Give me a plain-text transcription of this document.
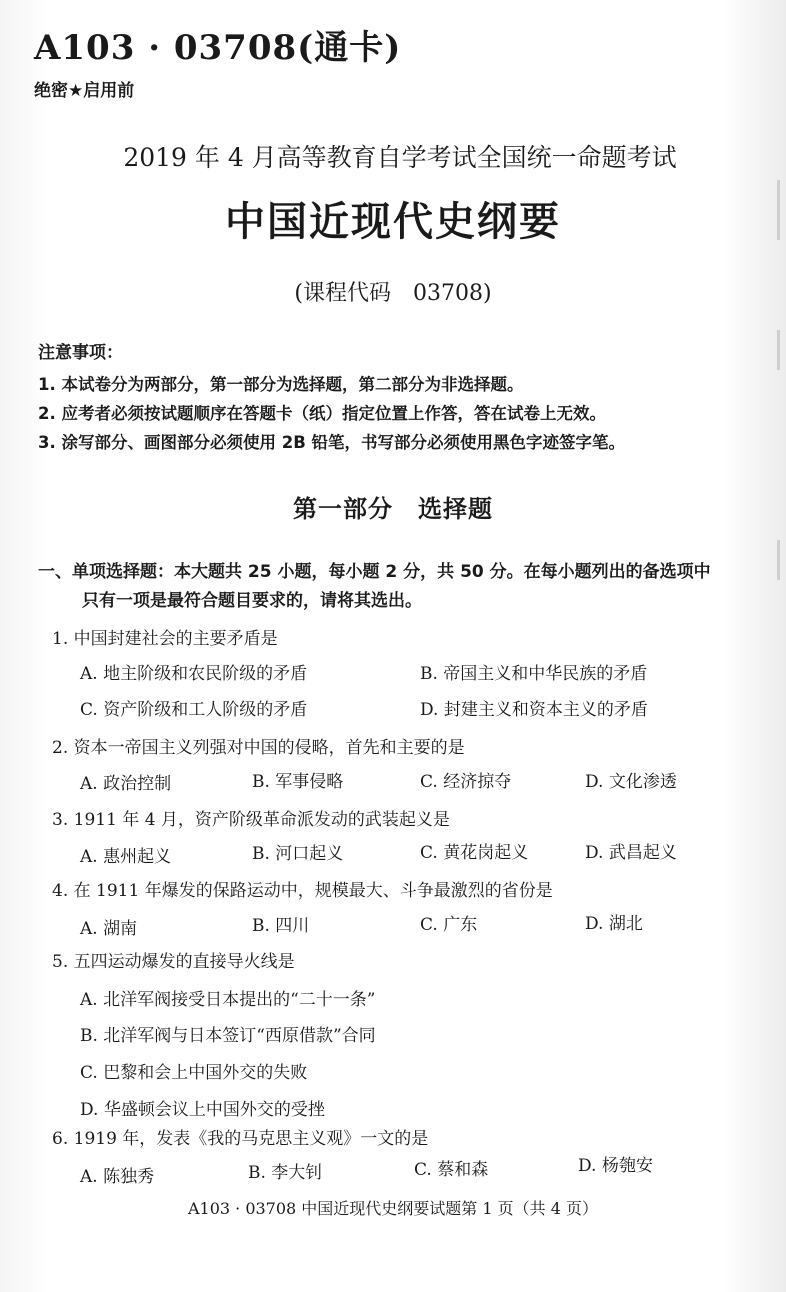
A103 · 03708(通卡)
绝密★启用前
2019 年 4 月高等教育自学考试全国统一命题考试
中国近现代史纲要
(课程代码　03708)
注意事项：
1. 本试卷分为两部分，第一部分为选择题，第二部分为非选择题。
2. 应考者必须按试题顺序在答题卡（纸）指定位置上作答，答在试卷上无效。
3. 涂写部分、画图部分必须使用 2B 铅笔，书写部分必须使用黑色字迹签字笔。
第一部分　选择题
一、单项选择题：本大题共 25 小题，每小题 2 分，共 50 分。在每小题列出的备选项中
只有一项是最符合题目要求的，请将其选出。
1. 中国封建社会的主要矛盾是
A. 地主阶级和农民阶级的矛盾	B. 帝国主义和中华民族的矛盾
C. 资产阶级和工人阶级的矛盾	D. 封建主义和资本主义的矛盾
2. 资本一帝国主义列强对中国的侵略，首先和主要的是
A. 政治控制	B. 军事侵略	C. 经济掠夺	D. 文化渗透
3. 1911 年 4 月，资产阶级革命派发动的武装起义是
A. 惠州起义	B. 河口起义	C. 黄花岗起义	D. 武昌起义
4. 在 1911 年爆发的保路运动中，规模最大、斗争最激烈的省份是
A. 湖南	B. 四川	C. 广东	D. 湖北
5. 五四运动爆发的直接导火线是
A. 北洋军阀接受日本提出的“二十一条”
B. 北洋军阀与日本签订“西原借款”合同
C. 巴黎和会上中国外交的失败
D. 华盛顿会议上中国外交的受挫
6. 1919 年，发表《我的马克思主义观》一文的是
A. 陈独秀	B. 李大钊	C. 蔡和森	D. 杨匏安
A103 · 03708 中国近现代史纲要试题第 1 页（共 4 页）
